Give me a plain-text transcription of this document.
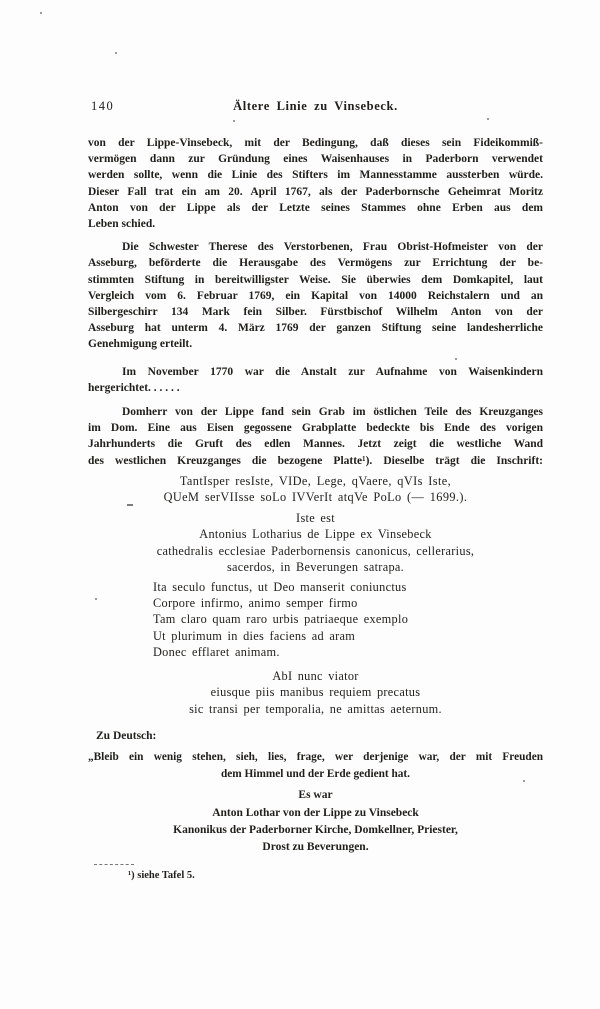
140	Ältere Linie zu Vinsebeck.
von der Lippe-Vinsebeck, mit der Bedingung, daß dieses sein Fideikommiß-
vermögen dann zur Gründung eines Waisenhauses in Paderborn verwendet
werden sollte, wenn die Linie des Stifters im Mannesstamme aussterben würde.
Dieser Fall trat ein am 20. April 1767, als der Paderbornsche Geheimrat Moritz
Anton von der Lippe als der Letzte seines Stammes ohne Erben aus dem
Leben schied.
Die Schwester Therese des Verstorbenen, Frau Obrist-Hofmeister von der
Asseburg, beförderte die Herausgabe des Vermögens zur Errichtung der be-
stimmten Stiftung in bereitwilligster Weise. Sie überwies dem Domkapitel, laut
Vergleich vom 6. Februar 1769, ein Kapital von 14000 Reichstalern und an
Silbergeschirr 134 Mark fein Silber. Fürstbischof Wilhelm Anton von der
Asseburg hat unterm 4. März 1769 der ganzen Stiftung seine landesherrliche
Genehmigung erteilt.
Im November 1770 war die Anstalt zur Aufnahme von Waisenkindern
hergerichtet. . . . . .
Domherr von der Lippe fand sein Grab im östlichen Teile des Kreuzganges
im Dom. Eine aus Eisen gegossene Grabplatte bedeckte bis Ende des vorigen
Jahrhunderts die Gruft des edlen Mannes. Jetzt zeigt die westliche Wand
des westlichen Kreuzganges die bezogene Platte¹). Dieselbe trägt die Inschrift:
TantIsper resIste, VIDe, Lege, qVaere, qVIs Iste,
QUeM serVIIsse soLo IVVerIt atqVe PoLo (— 1699.).
Iste est
Antonius Lotharius de Lippe ex Vinsebeck
cathedralis ecclesiae Paderbornensis canonicus, cellerarius,
sacerdos, in Beverungen satrapa.
Ita seculo functus, ut Deo manserit coniunctus
Corpore infirmo, animo semper firmo
Tam claro quam raro urbis patriaeque exemplo
Ut plurimum in dies faciens ad aram
Donec efflaret animam.
AbI nunc viator
eiusque piis manibus requiem precatus
sic transi per temporalia, ne amittas aeternum.
Zu Deutsch:
„Bleib ein wenig stehen, sieh, lies, frage, wer derjenige war, der mit Freuden
dem Himmel und der Erde gedient hat.
Es war
Anton Lothar von der Lippe zu Vinsebeck
Kanonikus der Paderborner Kirche, Domkellner, Priester,
Drost zu Beverungen.
¹) siehe Tafel 5.
